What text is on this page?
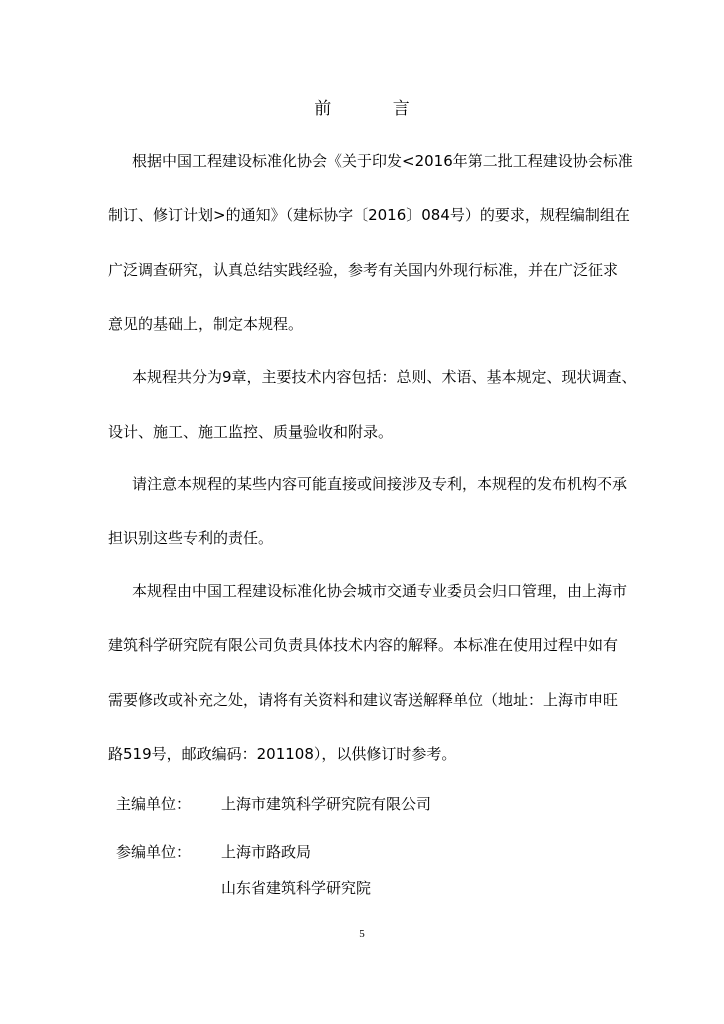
前 言
根据中国工程建设标准化协会《关于印发<2016年第二批工程建设协会标准
制订、修订计划>的通知》（建标协字〔2016〕084号）的要求，规程编制组在
广泛调查研究，认真总结实践经验，参考有关国内外现行标准，并在广泛征求
意见的基础上，制定本规程。
本规程共分为9章，主要技术内容包括：总则、术语、基本规定、现状调查、
设计、施工、施工监控、质量验收和附录。
请注意本规程的某些内容可能直接或间接涉及专利，本规程的发布机构不承
担识别这些专利的责任。
本规程由中国工程建设标准化协会城市交通专业委员会归口管理，由上海市
建筑科学研究院有限公司负责具体技术内容的解释。本标准在使用过程中如有
需要修改或补充之处，请将有关资料和建议寄送解释单位（地址：上海市申旺
路519号，邮政编码：201108），以供修订时参考。
主编单位： 上海市建筑科学研究院有限公司
参编单位： 上海市路政局
山东省建筑科学研究院
5
